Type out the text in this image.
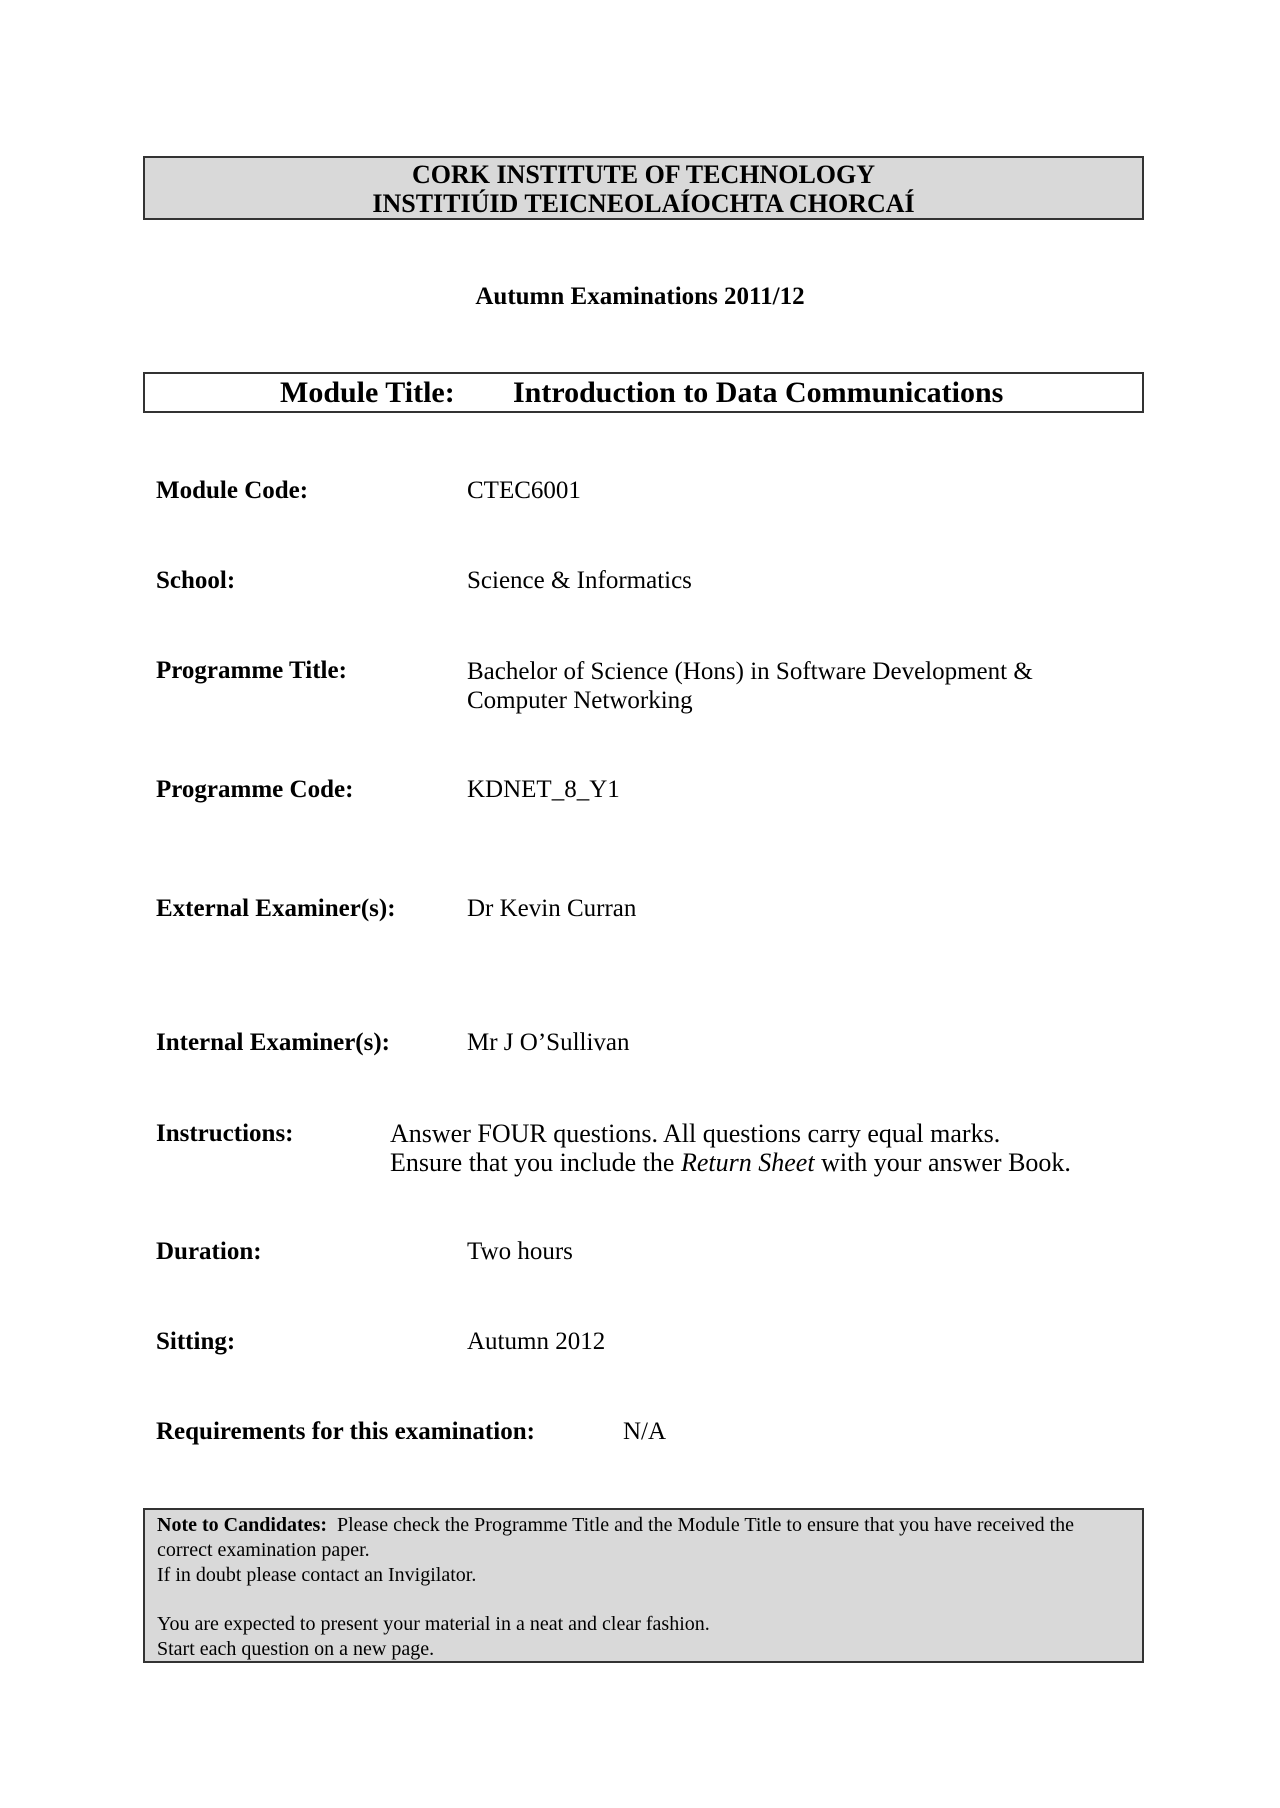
CORK INSTITUTE OF TECHNOLOGY
INSTITIÚID TEICNEOLAÍOCHTA CHORCAÍ
Autumn Examinations 2011/12
Module Title: Introduction to Data Communications
Module Code:	CTEC6001
School:	Science & Informatics
Programme Title:	Bachelor of Science (Hons) in Software Development &
Computer Networking
Programme Code:	KDNET_8_Y1
External Examiner(s):	Dr Kevin Curran
Internal Examiner(s):	Mr J O’Sullivan
Instructions:	Answer FOUR questions. All questions carry equal marks.
Ensure that you include the Return Sheet with your answer Book.
Duration:	Two hours
Sitting:	Autumn 2012
Requirements for this examination:	N/A
Note to Candidates:  Please check the Programme Title and the Module Title to ensure that you have received the correct examination paper.
If in doubt please contact an Invigilator.
You are expected to present your material in a neat and clear fashion.
Start each question on a new page.
